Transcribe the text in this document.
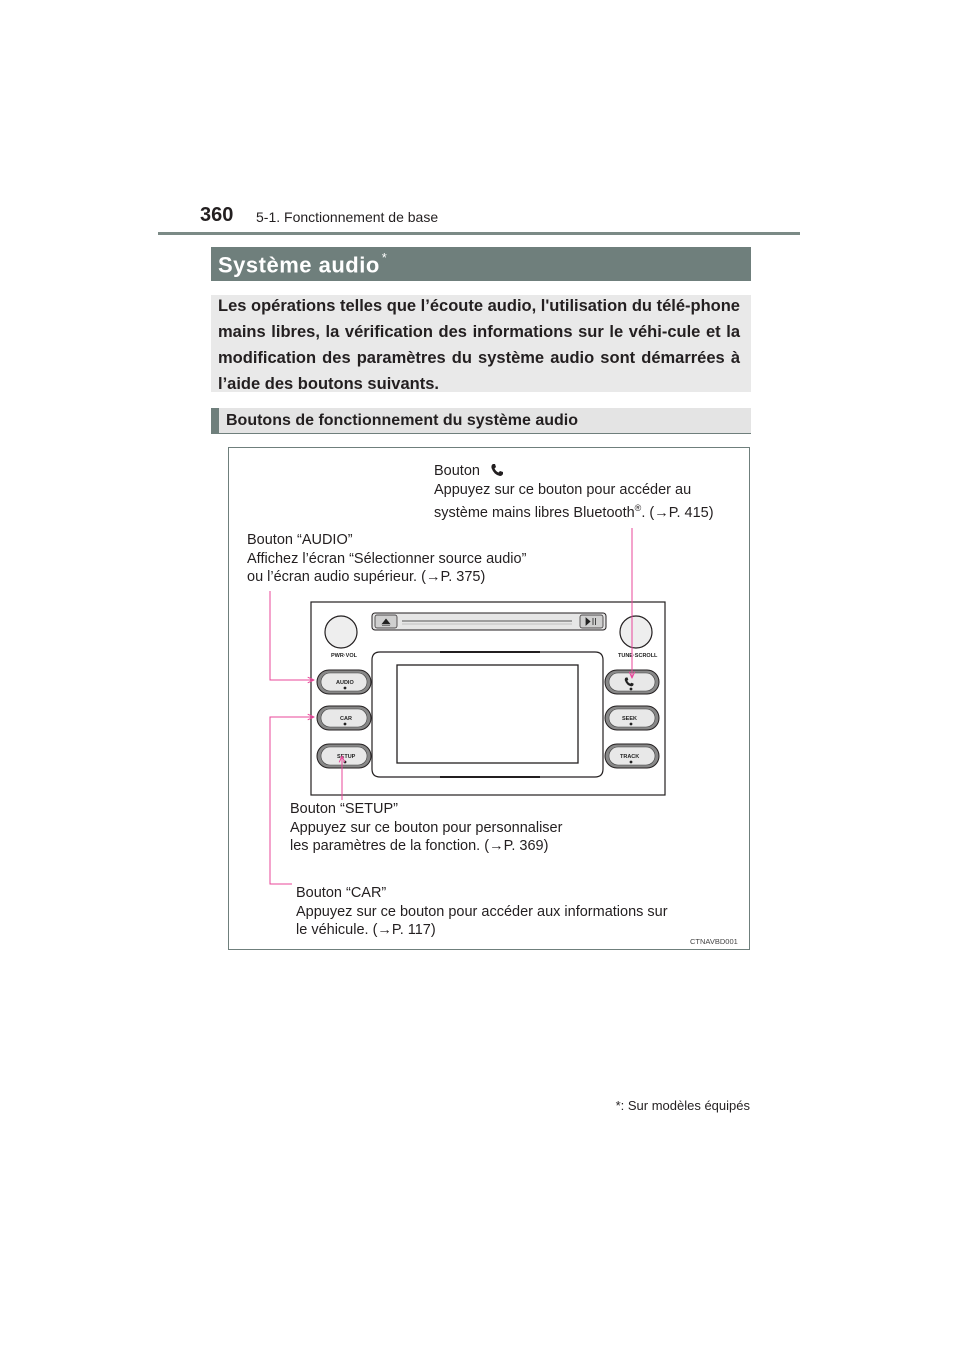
360 5-1. Fonctionnement de base
Système audio *
Les opérations telles que l’écoute audio, l'utilisation du télé-phone mains libres, la vérification des informations sur le véhi-cule et la modification des paramètres du système audio sont démarrées à l’aide des boutons suivants.
Boutons de fonctionnement du système audio
Bouton
Appuyez sur ce bouton pour accéder au
système mains libres Bluetooth®. (→P. 415)
Bouton “AUDIO”
Affichez l’écran “Sélectionner source audio”
ou l’écran audio supérieur. (→P. 375)
Bouton “SETUP”
Appuyez sur ce bouton pour personnaliser
les paramètres de la fonction. (→P. 369)
Bouton “CAR”
Appuyez sur ce bouton pour accéder aux informations sur
le véhicule. (→P. 117)
PWR·VOL	TUNE·SCROLL
AUDIO
CAR
SETUP
SEEK
TRACK
CTNAVBD001
*: Sur modèles équipés
